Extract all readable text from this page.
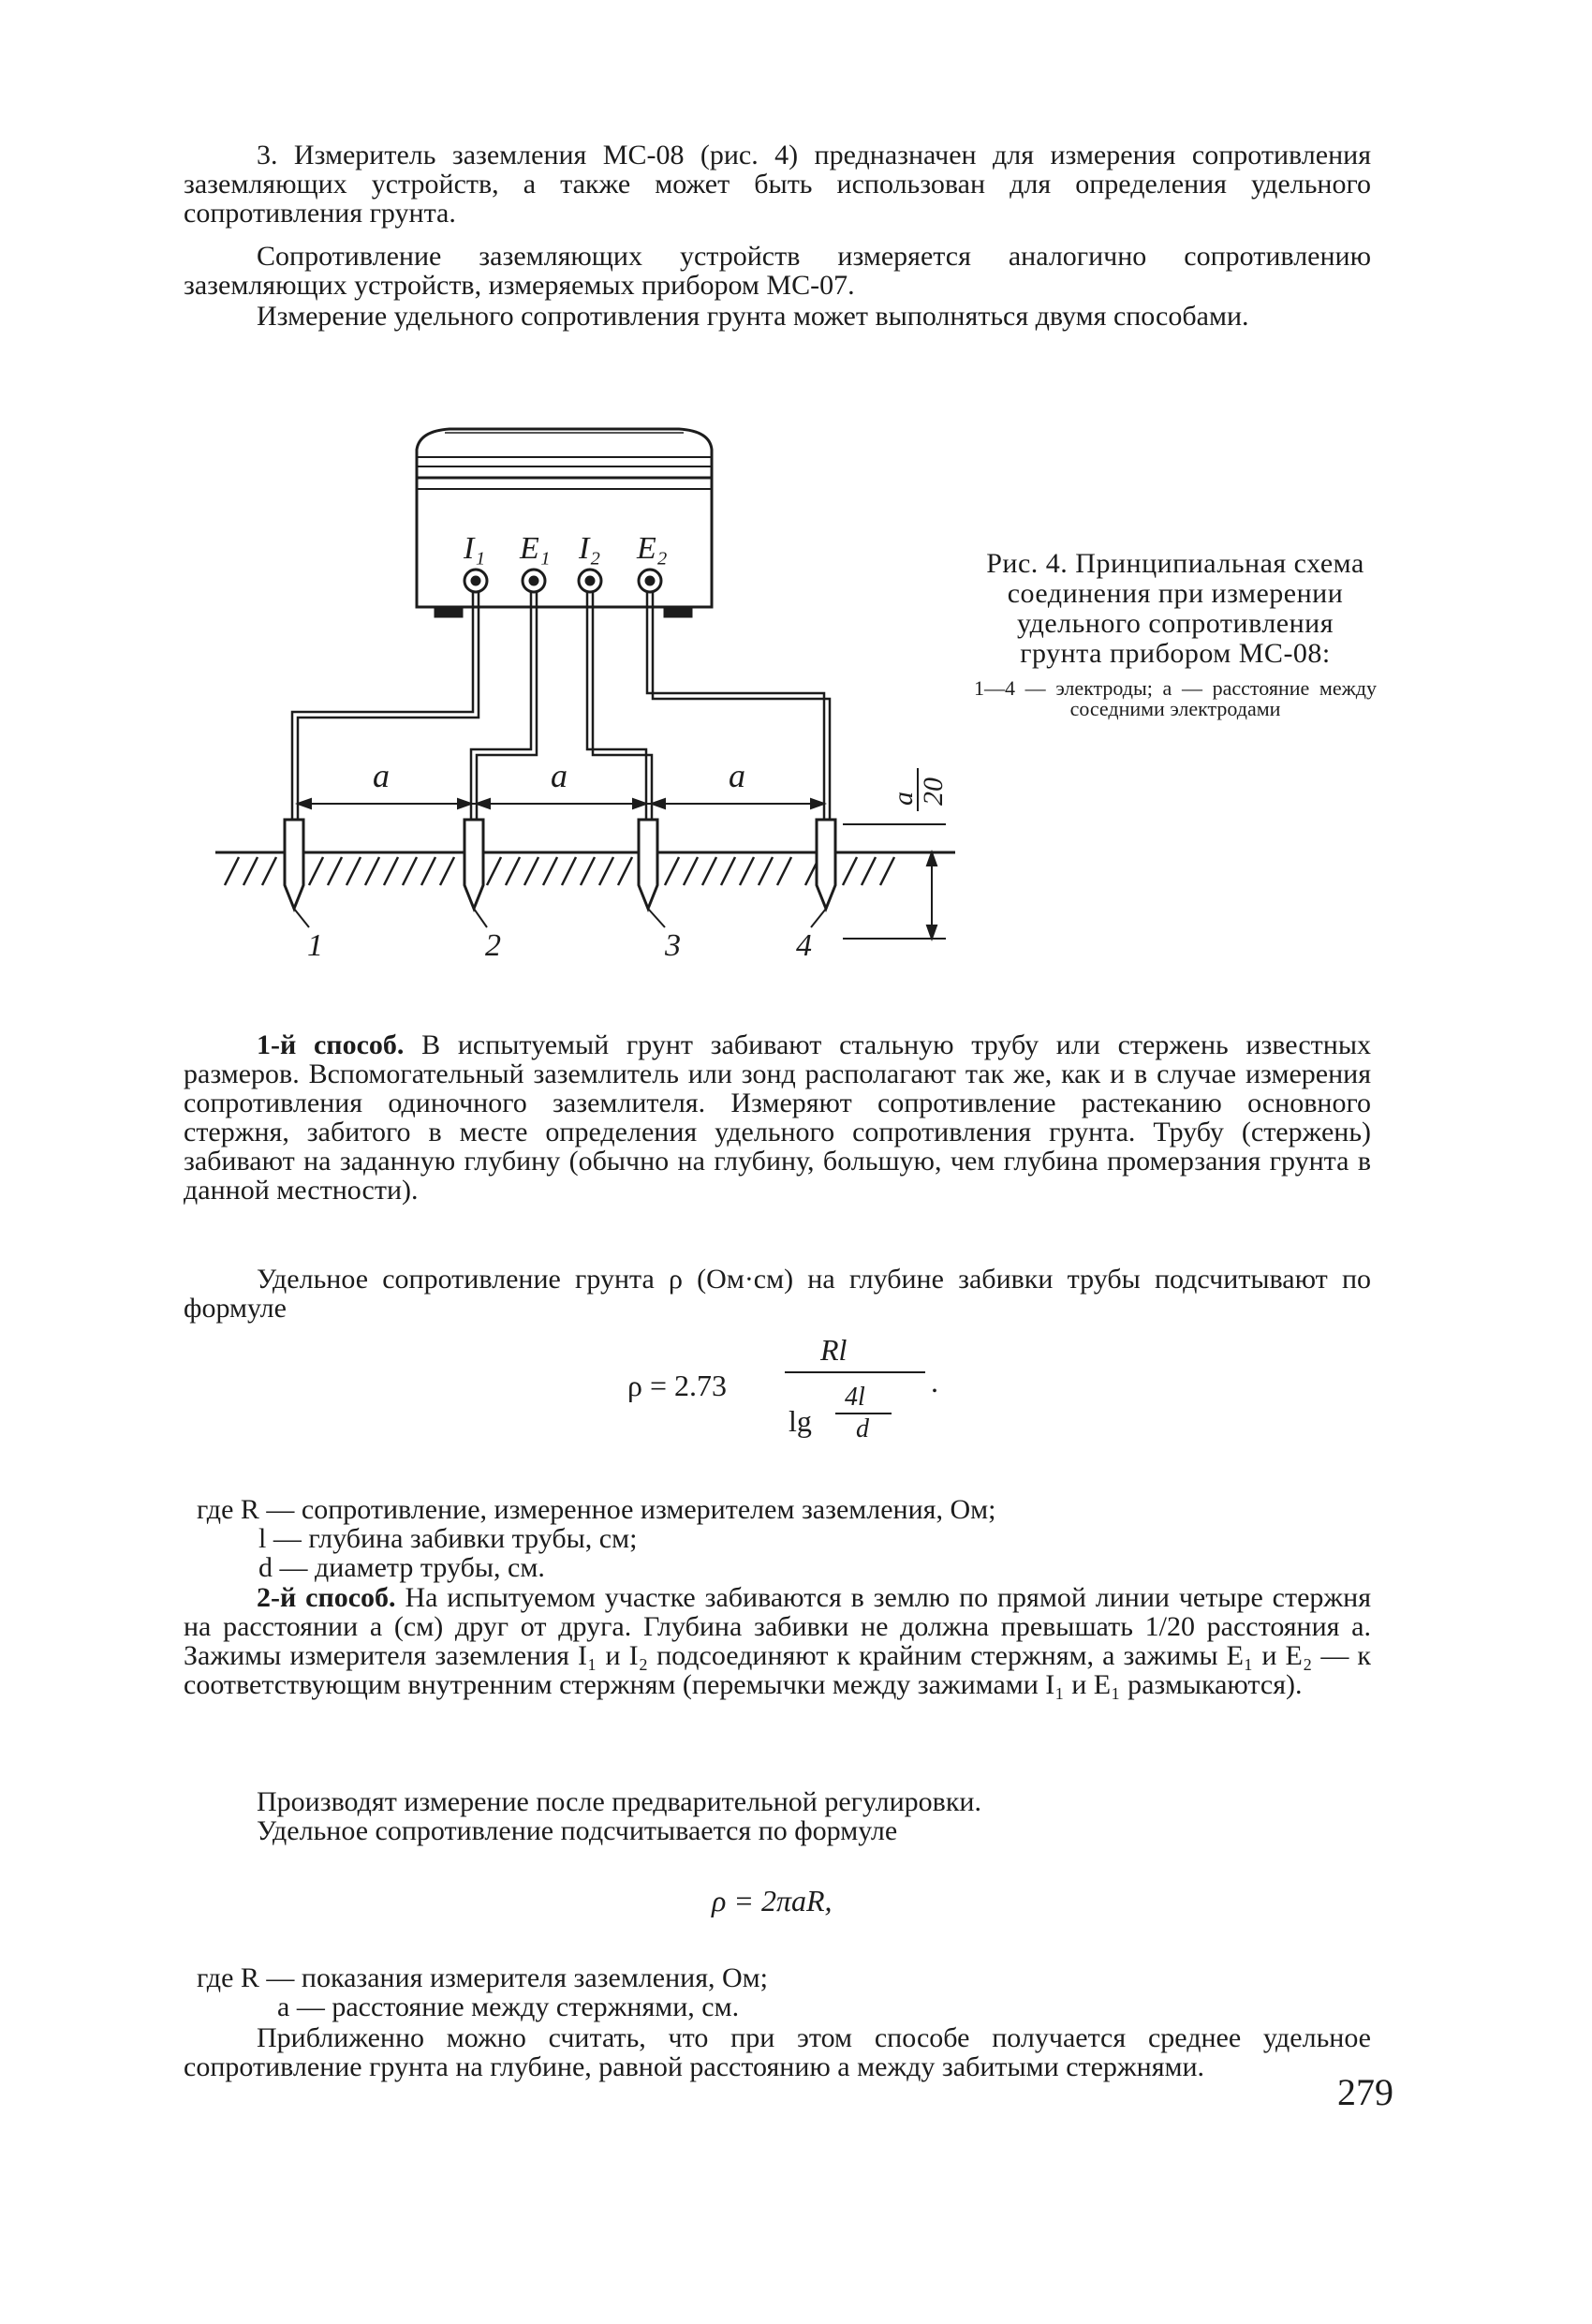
3. Измеритель заземления МС-08 (рис. 4) предназначен для измерения сопротивления заземляющих устройств, а также может быть использован для определения удельного сопротивления грунта.

Сопротивление заземляющих устройств измеряется аналогично сопротивлению заземляющих устройств, измеряемых прибором МС-07.

Измерение удельного сопротивления грунта может выполняться двумя способами.

I₁ E₁ I₂ E₂
a	a	a
1	2	3	4
a 20
Рис. 4. Принципиальная схема соединения при измерении удельного сопротивления грунта прибором МС-08:
1—4 — электроды; a — расстояние между соседними электродами

1-й способ. В испытуемый грунт забивают стальную трубу или стержень известных размеров. Вспомогательный заземлитель или зонд располагают так же, как и в случае измерения сопротивления одиночного заземлителя. Измеряют сопротивление растеканию основного стержня, забитого в месте определения удельного сопротивления грунта. Трубу (стержень) забивают на заданную глубину (обычно на глубину, большую, чем глубина промерзания грунта в данной местности).

Удельное сопротивление грунта ρ (Ом·см) на глубине забивки трубы подсчитывают по формуле

ρ = 2.73
Rl
lg
4l
d
.
где R — сопротивление, измеренное измерителем заземления, Ом;
l — глубина забивки трубы, см;
d — диаметр трубы, см.

2-й способ. На испытуемом участке забиваются в землю по прямой линии четыре стержня на расстоянии a (см) друг от друга. Глубина забивки не должна превышать 1/20 расстояния a. Зажимы измерителя заземления I₁ и I₂ подсоединяют к крайним стержням, а зажимы E₁ и E₂ — к соответствующим внутренним стержням (перемычки между зажимами I₁ и E₁ размыкаются).

Производят измерение после предварительной регулировки.

Удельное сопротивление подсчитывается по формуле

ρ = 2πaR,
где R — показания измерителя заземления, Ом;
a — расстояние между стержнями, см.

Приближенно можно считать, что при этом способе получается среднее удельное сопротивление грунта на глубине, равной расстоянию a между забитыми стержнями.

279
